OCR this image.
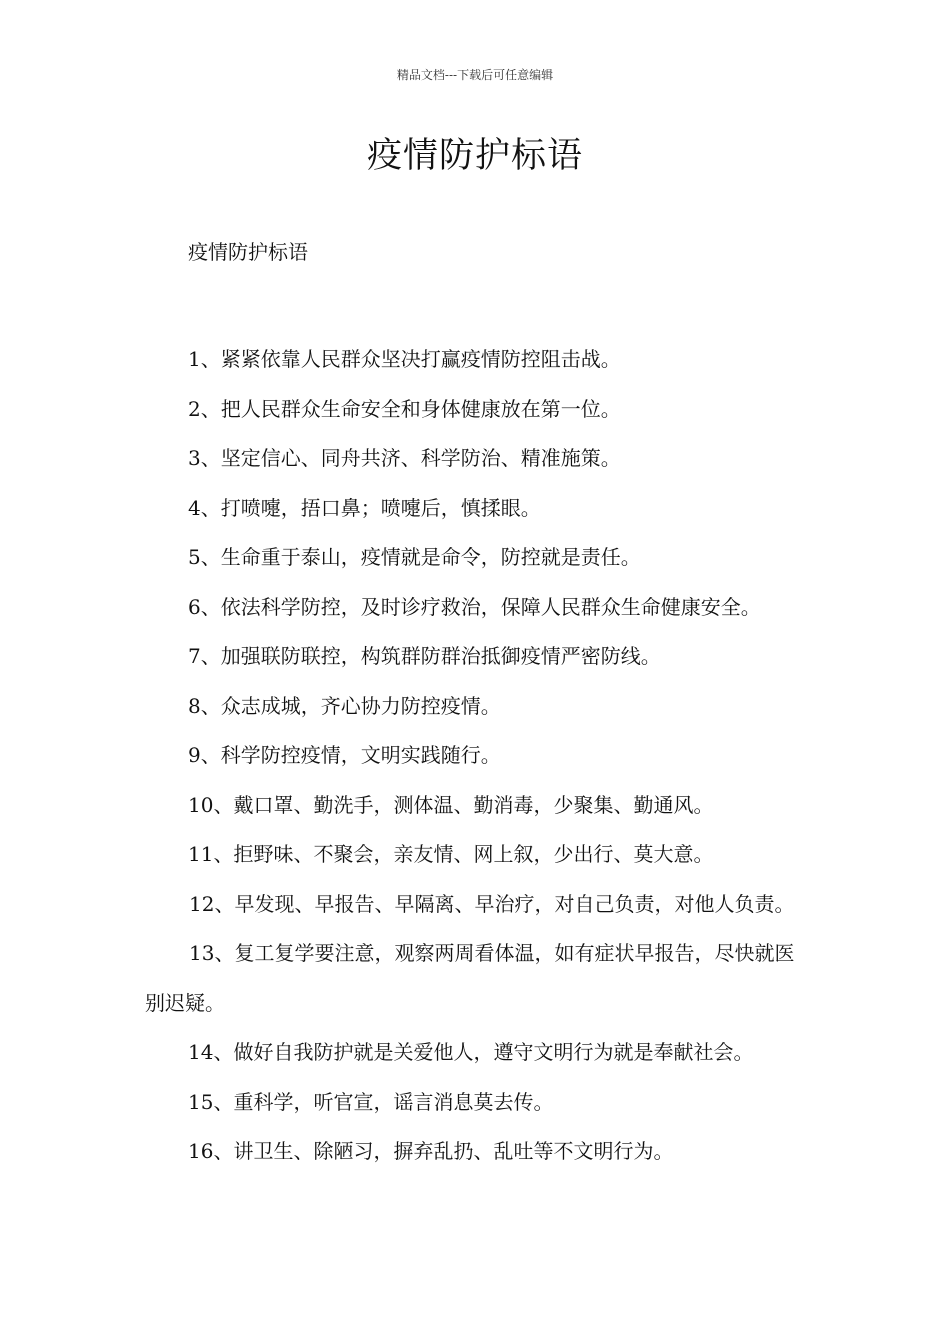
精品文档---下载后可任意编辑
疫情防护标语
疫情防护标语
1、紧紧依靠人民群众坚决打赢疫情防控阻击战。
2、把人民群众生命安全和身体健康放在第一位。
3、坚定信心、同舟共济、科学防治、精准施策。
4、打喷嚏，捂口鼻；喷嚏后，慎揉眼。
5、生命重于泰山，疫情就是命令，防控就是责任。
6、依法科学防控，及时诊疗救治，保障人民群众生命健康安全。
7、加强联防联控，构筑群防群治抵御疫情严密防线。
8、众志成城，齐心协力防控疫情。
9、科学防控疫情，文明实践随行。
10、戴口罩、勤洗手，测体温、勤消毒，少聚集、勤通风。
11、拒野味、不聚会，亲友情、网上叙，少出行、莫大意。
12、早发现、早报告、早隔离、早治疗，对自己负责，对他人负责。
13、复工复学要注意，观察两周看体温，如有症状早报告，尽快就医别迟疑。
14、做好自我防护就是关爱他人，遵守文明行为就是奉献社会。
15、重科学，听官宣，谣言消息莫去传。
16、讲卫生、除陋习，摒弃乱扔、乱吐等不文明行为。
